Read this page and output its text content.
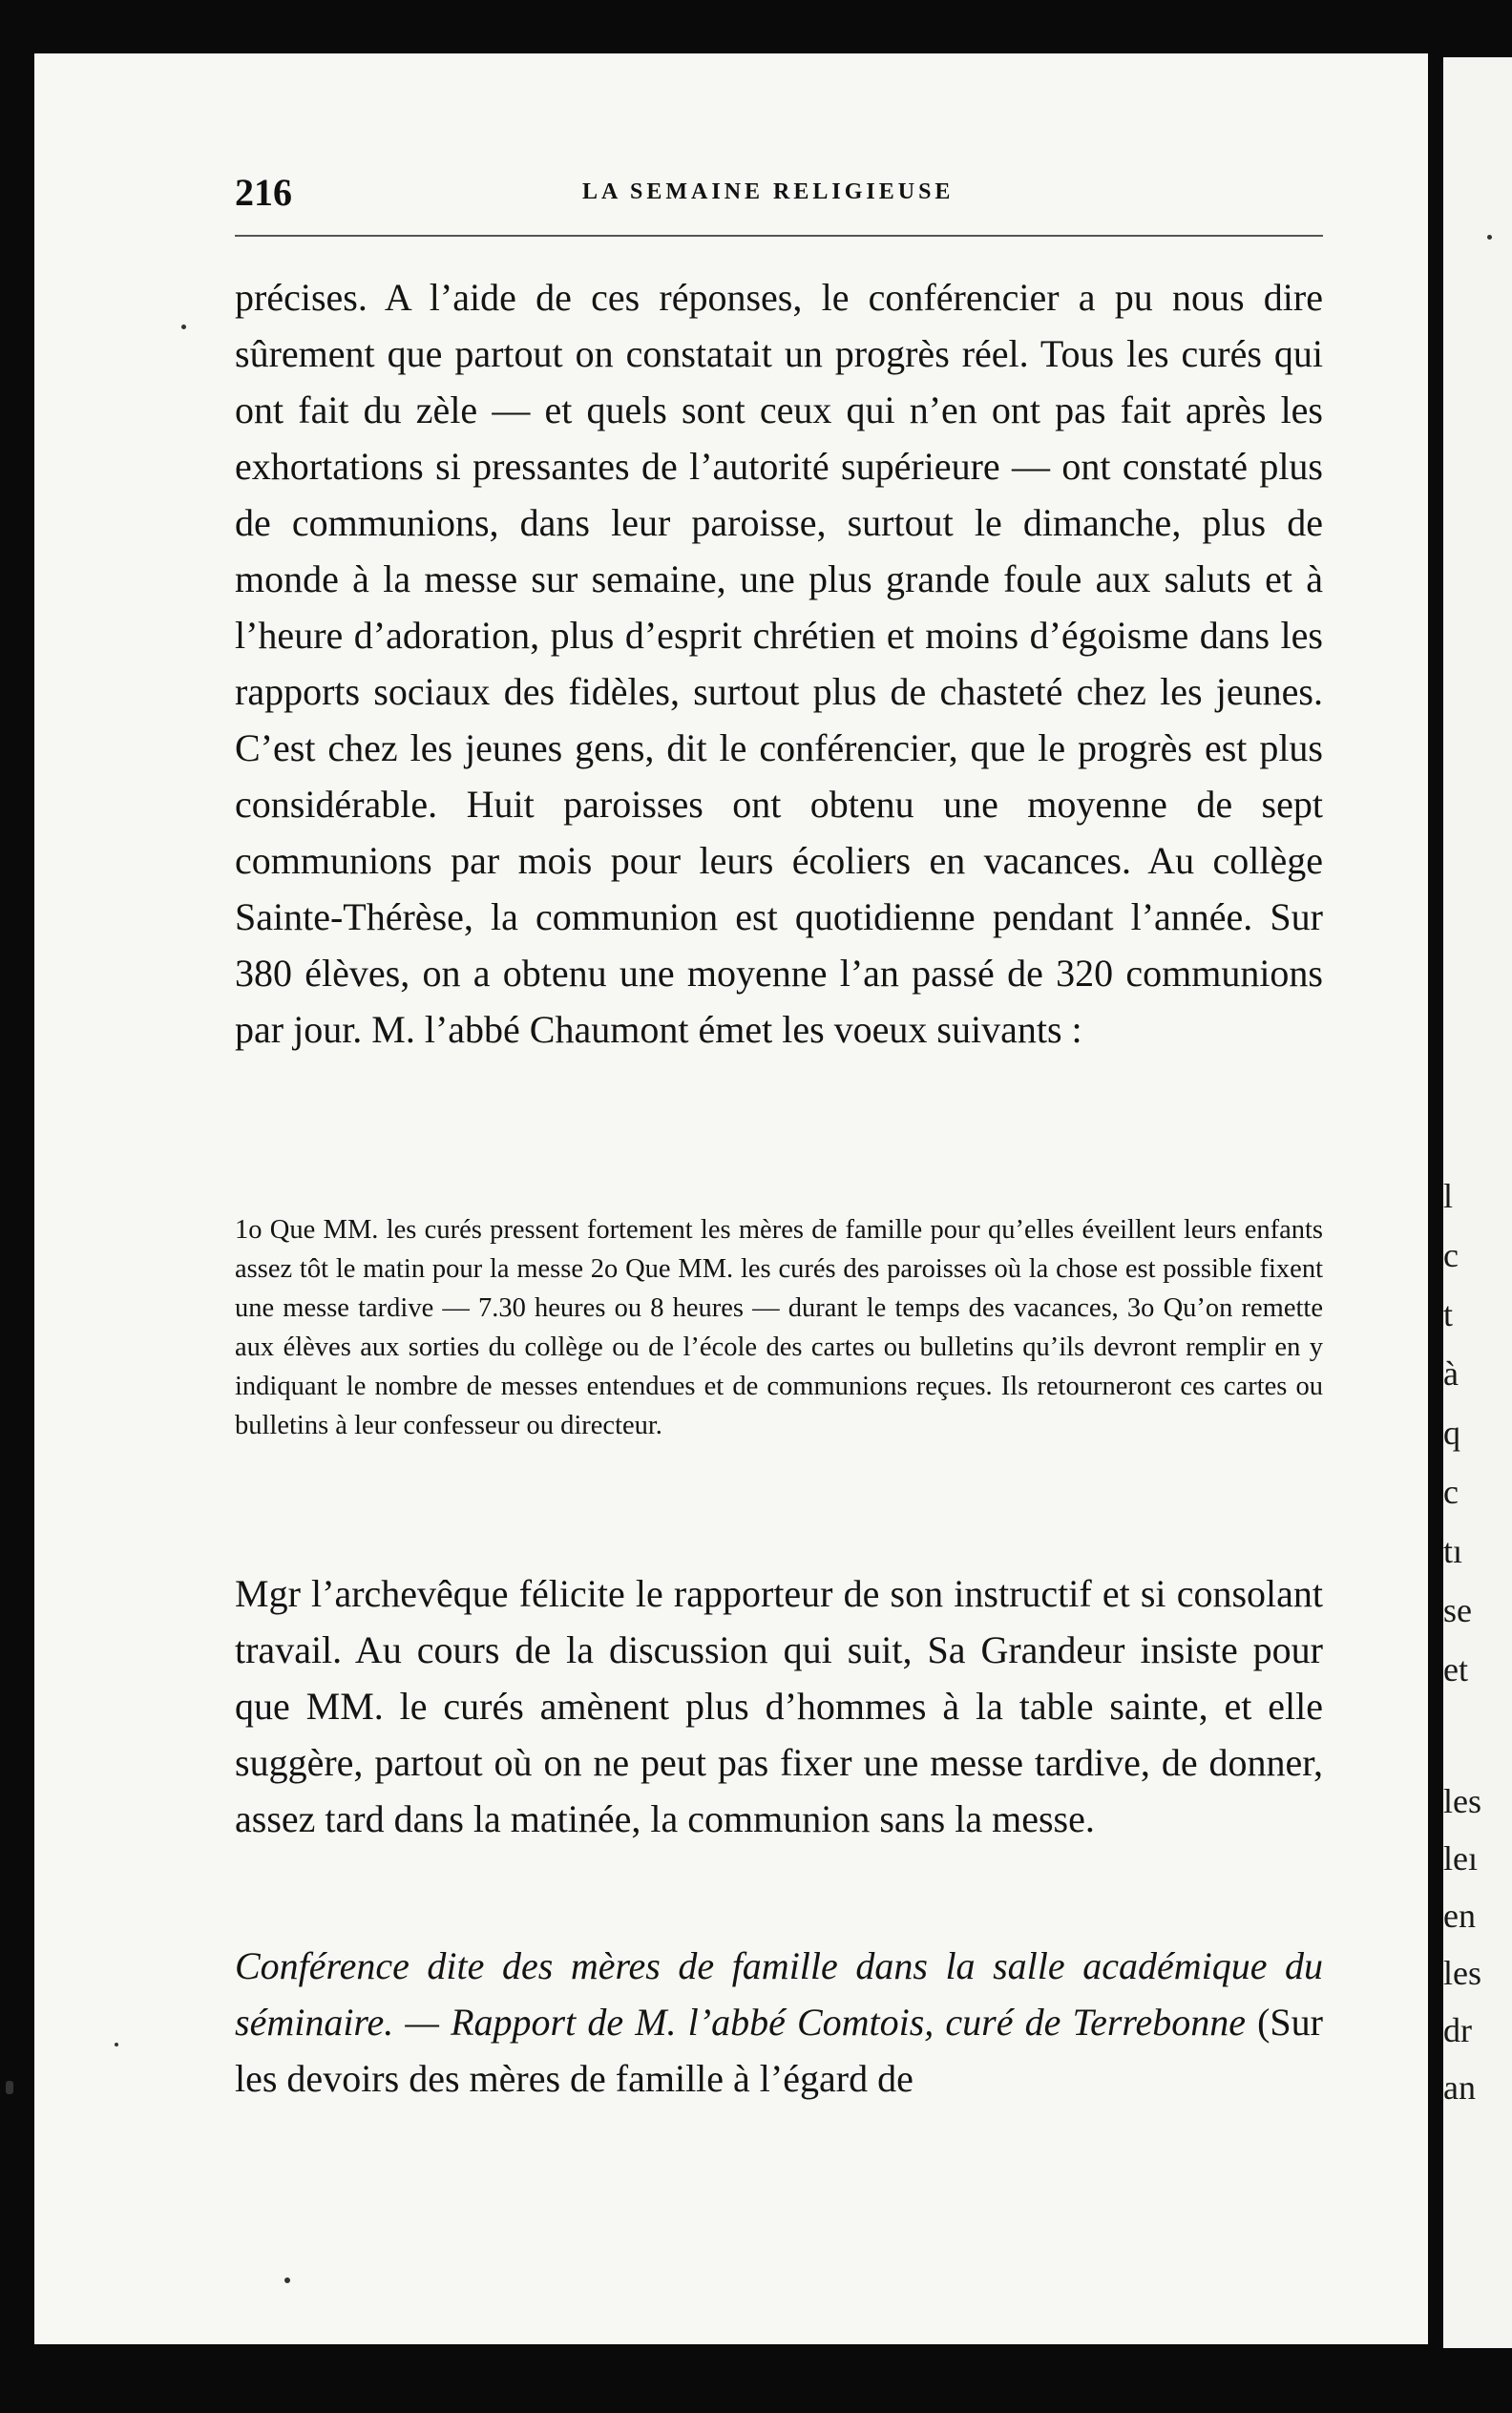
l
c
t
à
q
c
tı
se
et
les
leı
en
les
dr
an
216	LA SEMAINE RELIGIEUSE

précises. A l’aide de ces réponses, le conférencier a pu nous dire sûrement que partout on constatait un progrès réel. Tous les curés qui ont fait du zèle — et quels sont ceux qui n’en ont pas fait après les exhortations si pressantes de l’autorité supérieure — ont constaté plus de communions, dans leur paroisse, surtout le dimanche, plus de monde à la messe sur semaine, une plus grande foule aux saluts et à l’heure d’adoration, plus d’esprit chrétien et moins d’égoisme dans les rapports sociaux des fidèles, surtout plus de chasteté chez les jeunes. C’est chez les jeunes gens, dit le conférencier, que le progrès est plus considérable. Huit paroisses ont obtenu une moyenne de sept communions par mois pour leurs écoliers en vacances. Au collège Sainte-Thérèse, la communion est quotidienne pendant l’année. Sur 380 élèves, on a obtenu une moyenne l’an passé de 320 communions par jour. M. l’abbé Chaumont émet les voeux suivants :

1o Que MM. les curés pressent fortement les mères de famille pour qu’elles éveillent leurs enfants assez tôt le matin pour la messe 2o Que MM. les curés des paroisses où la chose est possible fixent une messe tardive — 7.30 heures ou 8 heures — durant le temps des vacances, 3o Qu’on remette aux élèves aux sorties du collège ou de l’école des cartes ou bulletins qu’ils devront remplir en y indiquant le nombre de messes entendues et de communions reçues. Ils retourneront ces cartes ou bulletins à leur confesseur ou directeur.

Mgr l’archevêque félicite le rapporteur de son instructif et si consolant travail. Au cours de la discussion qui suit, Sa Grandeur insiste pour que MM. le curés amènent plus d’hommes à la table sainte, et elle suggère, partout où on ne peut pas fixer une messe tardive, de donner, assez tard dans la matinée, la communion sans la messe.

Conférence dite des mères de famille dans la salle académique du séminaire. — Rapport de M. l’abbé Comtois, curé de Terrebonne (Sur les devoirs des mères de famille à l’égard de
